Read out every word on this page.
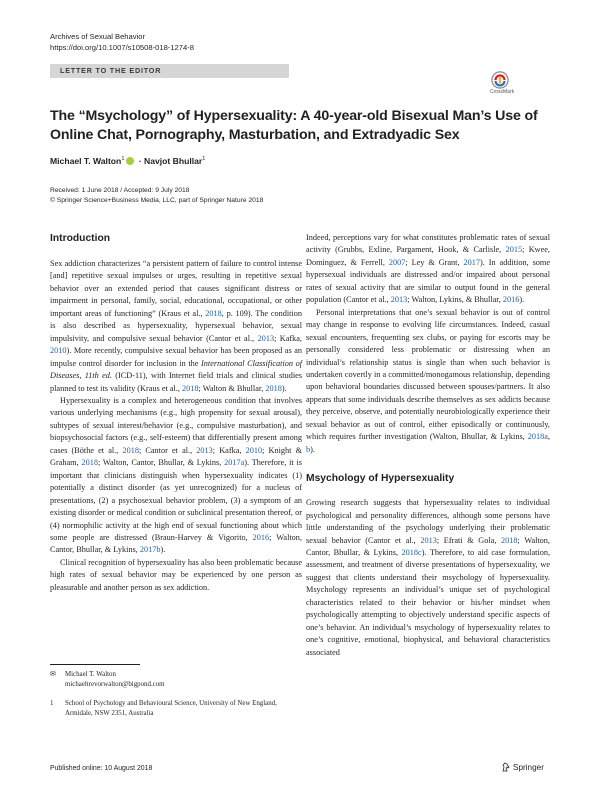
Archives of Sexual Behavior
https://doi.org/10.1007/s10508-018-1274-8
LETTER TO THE EDITOR
CrossMark
The “Msychology” of Hypersexuality: A 40-year-old Bisexual Man’s Use of Online Chat, Pornography, Masturbation, and Extradyadic Sex
Michael T. Walton$^1$ · Navjot Bhullar$^1$
Received: 1 June 2018 / Accepted: 9 July 2018
© Springer Science+Business Media, LLC, part of Springer Nature 2018
Introduction

Sex addiction characterizes “a persistent pattern of failure to control intense [and] repetitive sexual impulses or urges, resulting in repetitive sexual behavior over an extended period that causes significant distress or impairment in personal, family, social, educational, occupational, or other important areas of functioning” (Kraus et al., 2018, p. 109). The condition is also described as hypersexuality, hypersexual behavior, sexual impulsivity, and compulsive sexual behavior (Cantor et al., 2013; Kafka, 2010). More recently, compulsive sexual behavior has been proposed as an impulse control disorder for inclusion in the International Classification of Diseases, 11th ed. (ICD-11), with Internet field trials and clinical studies planned to test its validity (Kraus et al., 2018; Walton & Bhullar, 2018).

Hypersexuality is a complex and heterogeneous condition that involves various underlying mechanisms (e.g., high propensity for sexual arousal), subtypes of sexual interest/behavior (e.g., compulsive masturbation), and biopsychosocial factors (e.g., self-esteem) that differentially present among cases (Böthe et al., 2018; Cantor et al., 2013; Kafka, 2010; Knight & Graham, 2018; Walton, Cantor, Bhullar, & Lykins, 2017a). Therefore, it is important that clinicians distinguish when hypersexuality indicates (1) potentially a distinct disorder (as yet unrecognized) for a nucleus of presentations, (2) a psychosexual behavior problem, (3) a symptom of an existing disorder or medical condition or subclinical presentation thereof, or (4) normophilic activity at the high end of sexual functioning about which some people are distressed (Braun-Harvey & Vigorito, 2016; Walton, Cantor, Bhullar, & Lykins, 2017b).

Clinical recognition of hypersexuality has also been problematic because high rates of sexual behavior may be experienced by one person as pleasurable and another person as sex addiction.

Indeed, perceptions vary for what constitutes problematic rates of sexual activity (Grubbs, Exline, Pargament, Hook, & Carlisle, 2015; Kwee, Dominguez, & Ferrell, 2007; Ley & Grant, 2017). In addition, some hypersexual individuals are distressed and/or impaired about personal rates of sexual activity that are similar to output found in the general population (Cantor et al., 2013; Walton, Lykins, & Bhullar, 2016).

Personal interpretations that one’s sexual behavior is out of control may change in response to evolving life circumstances. Indeed, casual sexual encounters, frequenting sex clubs, or paying for escorts may be personally considered less problematic or distressing when an individual’s relationship status is single than when such behavior is undertaken covertly in a committed/monogamous relationship, depending upon behavioral boundaries discussed between spouses/partners. It also appears that some individuals describe themselves as sex addicts because they perceive, observe, and potentially neurobiologically experience their sexual behavior as out of control, either episodically or continuously, which requires further investigation (Walton, Bhullar, & Lykins, 2018a, b).

Msychology of Hypersexuality

Growing research suggests that hypersexuality relates to individual psychological and personality differences, although some persons have little understanding of the psychology underlying their problematic sexual behavior (Cantor et al., 2013; Efrati & Gola, 2018; Walton, Cantor, Bhullar, & Lykins, 2018c). Therefore, to aid case formulation, assessment, and treatment of diverse presentations of hypersexuality, we suggest that clients understand their msychology of hypersexuality. Msychology represents an individual’s unique set of psychological characteristics related to their behavior or his/her mindset when psychologically attempting to objectively understand specific aspects of one’s behavior. An individual’s msychology of hypersexuality relates to one’s cognitive, emotional, biophysical, and behavioral characteristics associated

✉	Michael T. Walton
michaeltrevorwalton@bigpond.com
1	School of Psychology and Behavioural Science, University of New England, Armidale, NSW 2351, Australia
Published online: 10 August 2018	Springer
